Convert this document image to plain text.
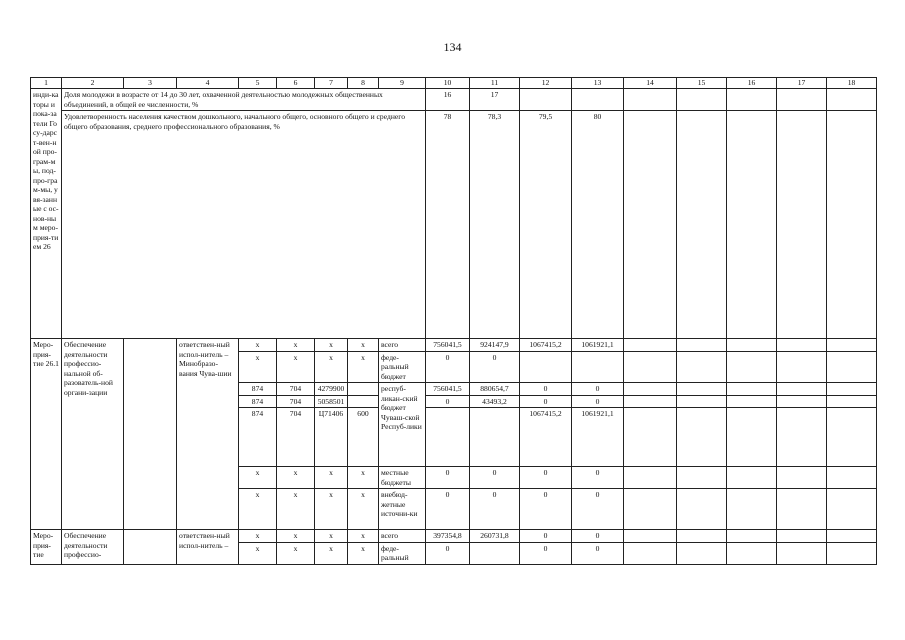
134
1	2	3	4	5	6	7	8	9	10	11	12	13	14	15	16	17	18
инди-каторы и пока-затели Госу-дарст-вен-ной про-грам-мы, под-про-грам-мы, увя-занные с ос-нов-ным меро-прия-тием 26	Доля молодежи в возрасте от 14 до 30 лет, охваченной деятельностью молодежных общественных объединений, в общей ее численности, %								16	17							
	Удовлетворенность населения качеством дошкольного, начального общего, основного общего и среднего общего образования, среднего профессионального образования, %								78	78,3	79,5	80					
Меро-прия-тие 26.1	Обеспечение деятельности профессио-нальной об-разователь-ной органи-зации		ответствен-ный испол-нитель – Минобразо-вания Чува-шии	x	x	x	x	всего	756041,5	924147,9	1067415,2	1061921,1					
				x	x	x	x	феде-ральный бюджет	0	0							
				874	704	4279900		респуб-ликан-ский бюджет Чуваш-ской Респуб-лики	756041,5	880654,7	0	0					
				874	704	5058501			0	43493,2	0	0					
				874	704	Ц71406	600				1067415,2	1061921,1					
				x	x	x	x	местные бюджеты	0	0	0	0					
				x	x	x	x	внебюд-жетные источни-ки	0	0	0	0					
Меро-прия-тие	Обеспечение деятельности профессио-		ответствен-ный испол-нитель –	x	x	x	x	всего	397354,8	260731,8	0	0					
				x	x	x	x	феде-ральный	0		0	0					
